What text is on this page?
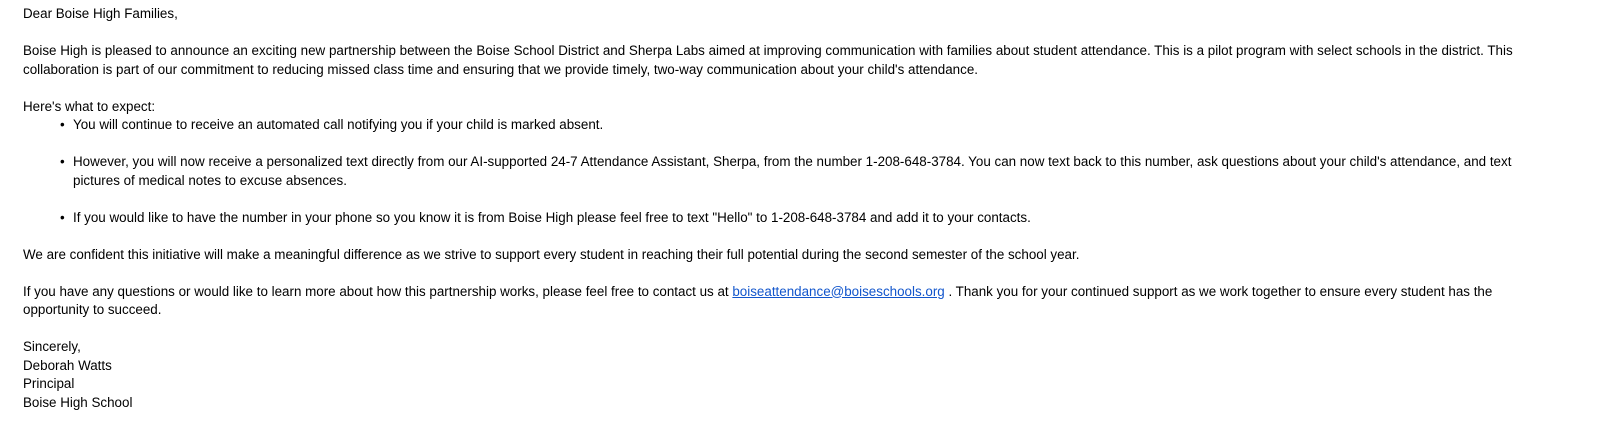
Dear Boise High Families,

Boise High is pleased to announce an exciting new partnership between the Boise School District and Sherpa Labs aimed at improving communication with families about student attendance. This is a pilot program with select schools in the district. This collaboration is part of our commitment to reducing missed class time and ensuring that we provide timely, two-way communication about your child's attendance.

Here's what to expect:

• You will continue to receive an automated call notifying you if your child is marked absent.
• However, you will now receive a personalized text directly from our AI-supported 24-7 Attendance Assistant, Sherpa, from the number 1-208-648-3784. You can now text back to this number, ask questions about your child's attendance, and text pictures of medical notes to excuse absences.
• If you would like to have the number in your phone so you know it is from Boise High please feel free to text "Hello" to 1-208-648-3784 and add it to your contacts.

We are confident this initiative will make a meaningful difference as we strive to support every student in reaching their full potential during the second semester of the school year.

If you have any questions or would like to learn more about how this partnership works, please feel free to contact us at boiseattendance@boiseschools.org . Thank you for your continued support as we work together to ensure every student has the opportunity to succeed.

Sincerely,
Deborah Watts
Principal
Boise High School
